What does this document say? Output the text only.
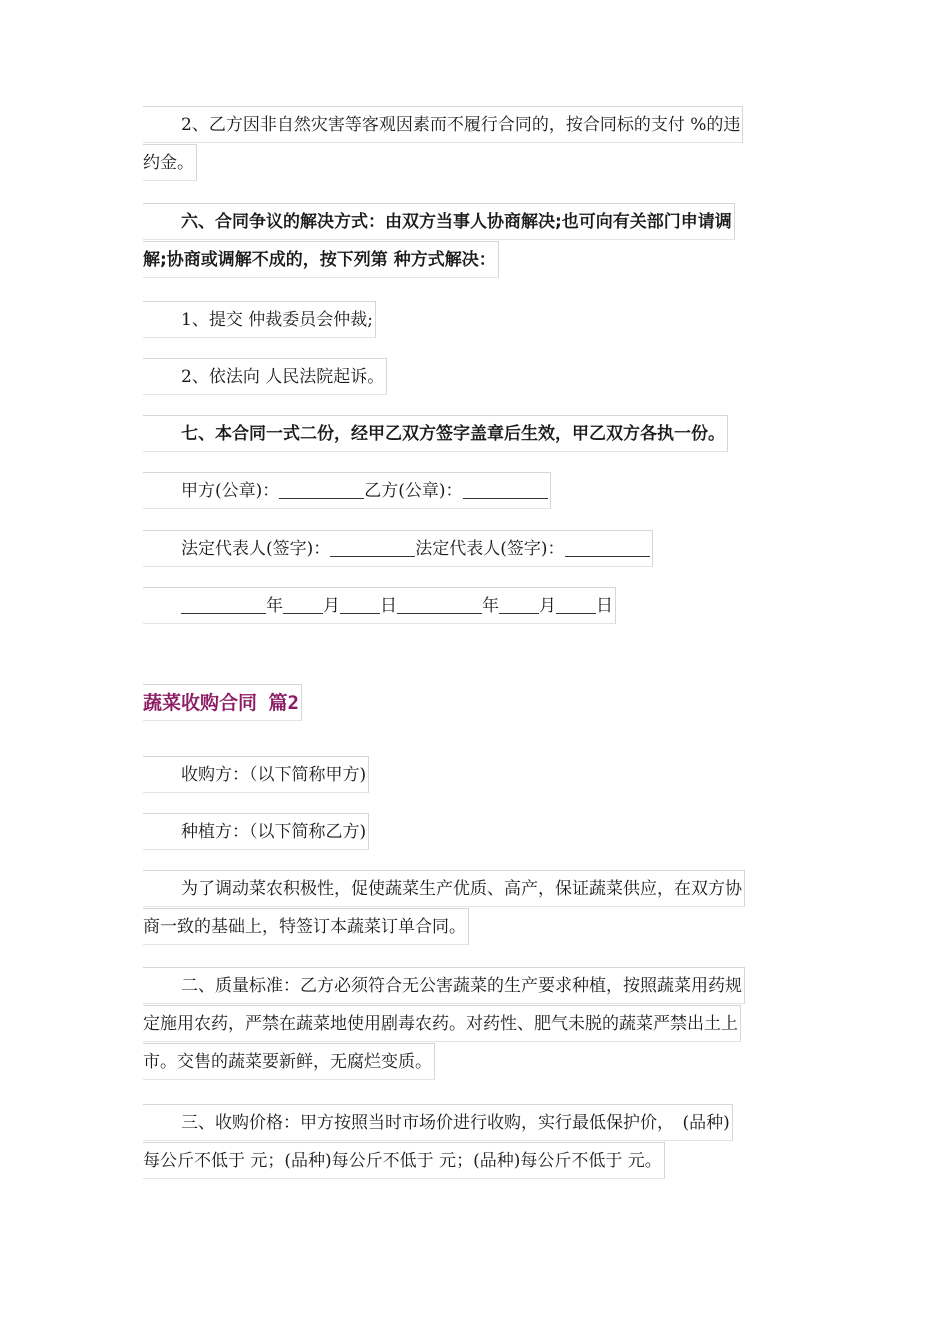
2、乙方因非自然灾害等客观因素而不履行合同的，按合同标的支付 %的违
约金。
六、合同争议的解决方式：由双方当事人协商解决;也可向有关部门申请调
解;协商或调解不成的，按下列第 种方式解决：
1、提交 仲裁委员会仲裁;
2、依法向 人民法院起诉。
七、本合同一式二份，经甲乙双方签字盖章后生效，甲乙双方各执一份。
甲方(公章)：	乙方(公章)：
法定代表人(签字)：	法定代表人(签字)：
年 月 日	年 月 日
蔬菜收购合同 篇2
收购方：（以下简称甲方)
种植方：（以下简称乙方)
为了调动菜农积极性，促使蔬菜生产优质、高产，保证蔬菜供应，在双方协
商一致的基础上，特签订本蔬菜订单合同。
二、质量标准：乙方必须符合无公害蔬菜的生产要求种植，按照蔬菜用药规
定施用农药，严禁在蔬菜地使用剧毒农药。对药性、肥气未脱的蔬菜严禁出土上
市。交售的蔬菜要新鲜，无腐烂变质。
三、收购价格：甲方按照当时市场价进行收购，实行最低保护价，　(品种)
每公斤不低于 元；(品种)每公斤不低于 元；(品种)每公斤不低于 元。
